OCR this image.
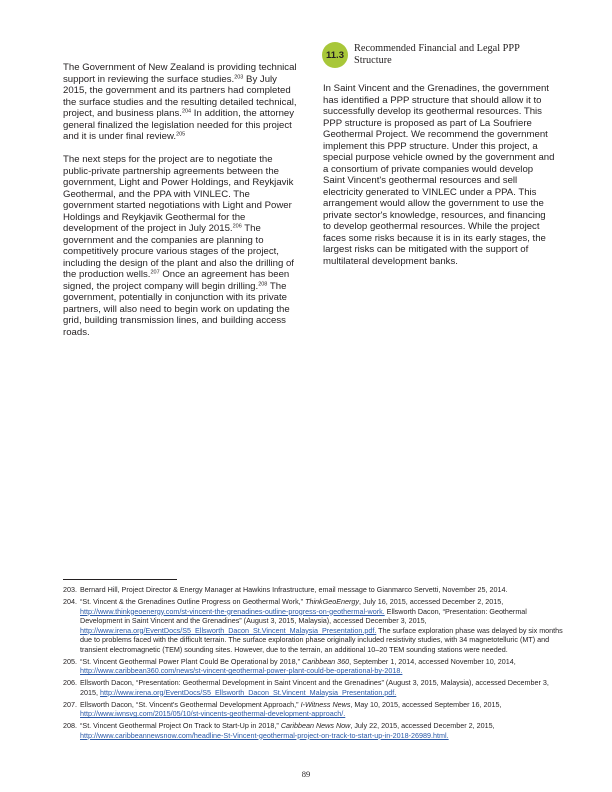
The Government of New Zealand is providing technical support in reviewing the surface studies.$^{203}$ By July 2015, the government and its partners had completed the surface studies and the resulting detailed technical, project, and business plans.$^{204}$ In addition, the attorney general finalized the legislation needed for this project and it is under final review.$^{205}$

The next steps for the project are to negotiate the public-private partnership agreements between the government, Light and Power Holdings, and Reykjavik Geothermal, and the PPA with VINLEC. The government started negotiations with Light and Power Holdings and Reykjavik Geothermal for the development of the project in July 2015.$^{206}$ The government and the companies are planning to competitively procure various stages of the project, including the design of the plant and also the drilling of the production wells.$^{207}$ Once an agreement has been signed, the project company will begin drilling.$^{208}$ The government, potentially in conjunction with its private partners, will also need to begin work on updating the grid, building transmission lines, and building access roads.

11.3
Recommended Financial and Legal PPP Structure

In Saint Vincent and the Grenadines, the government has identified a PPP structure that should allow it to successfully develop its geothermal resources. This PPP structure is proposed as part of La Soufriere Geothermal Project. We recommend the government implement this PPP structure. Under this project, a special purpose vehicle owned by the government and a consortium of private companies would develop Saint Vincent's geothermal resources and sell electricity generated to VINLEC under a PPA. This arrangement would allow the government to use the private sector's knowledge, resources, and financing to develop geothermal resources. While the project faces some risks because it is in its early stages, the largest risks can be mitigated with the support of multilateral development banks.

203. Bernard Hill, Project Director & Energy Manager at Hawkins Infrastructure, email message to Gianmarco Servetti, November 25, 2014.
204. “St. Vincent & the Grenadines Outline Progress on Geothermal Work,” ThinkGeoEnergy, July 16, 2015, accessed December 2, 2015, http://www.thinkgeoenergy.com/st-vincent-the-grenadines-outline-progress-on-geothermal-work. Ellsworth Dacon, “Presentation: Geothermal Development in Saint Vincent and the Grenadines” (August 3, 2015, Malaysia), accessed December 3, 2015, http://www.irena.org/EventDocs/S5_Ellsworth_Dacon_St.Vincent_Malaysia_Presentation.pdf. The surface exploration phase was delayed by six months due to problems faced with the difficult terrain. The surface exploration phase originally included resistivity studies, with 34 magnetotelluric (MT) and transient electromagnetic (TEM) sounding sites. However, due to the terrain, an additional 10–20 TEM sounding stations were needed.
205. “St. Vincent Geothermal Power Plant Could Be Operational by 2018,” Caribbean 360, September 1, 2014, accessed November 10, 2014, http://www.caribbean360.com/news/st-vincent-geothermal-power-plant-could-be-operational-by-2018.
206. Ellsworth Dacon, “Presentation: Geothermal Development in Saint Vincent and the Grenadines” (August 3, 2015, Malaysia), accessed December 3, 2015, http://www.irena.org/EventDocs/S5_Ellsworth_Dacon_St.Vincent_Malaysia_Presentation.pdf.
207. Ellsworth Dacon, “St. Vincent's Geothermal Development Approach,” I-Witness News, May 10, 2015, accessed September 16, 2015, http://www.iwnsvg.com/2015/05/10/st-vincents-geothermal-development-approach/.
208. “St. Vincent Geothermal Project On Track to Start-Up in 2018,” Caribbean News Now, July 22, 2015, accessed December 2, 2015, http://www.caribbeannewsnow.com/headline-St-Vincent-geothermal-project-on-track-to-start-up-in-2018-26989.html.
89
